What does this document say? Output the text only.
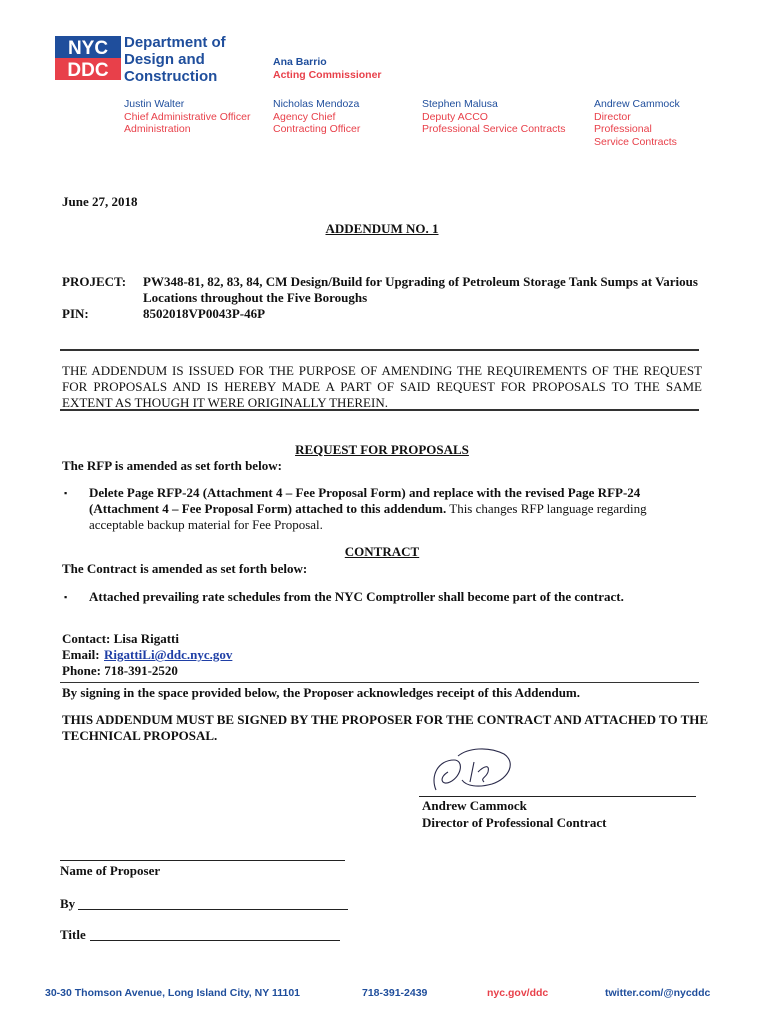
NYC
DDC
Department of
Design and
Construction
Ana Barrio
Acting Commissioner
Justin Walter
Chief Administrative Officer
Administration
Nicholas Mendoza
Agency Chief
Contracting Officer
Stephen Malusa
Deputy ACCO
Professional Service Contracts
Andrew Cammock
Director
Professional
Service Contracts
June 27, 2018
ADDENDUM NO. 1
PROJECT: PW348-81, 82, 83, 84, CM Design/Build for Upgrading of Petroleum Storage Tank Sumps at Various Locations throughout the Five Boroughs
PIN:	8502018VP0043P-46P
THE ADDENDUM IS ISSUED FOR THE PURPOSE OF AMENDING THE REQUIREMENTS OF THE REQUEST FOR PROPOSALS AND IS HEREBY MADE A PART OF SAID REQUEST FOR PROPOSALS TO THE SAME EXTENT AS THOUGH IT WERE ORIGINALLY THEREIN.
REQUEST FOR PROPOSALS
The RFP is amended as set forth below:
▪ Delete Page RFP-24 (Attachment 4 – Fee Proposal Form) and replace with the revised Page RFP-24 (Attachment 4 – Fee Proposal Form) attached to this addendum. This changes RFP language regarding acceptable backup material for Fee Proposal.
CONTRACT
The Contract is amended as set forth below:
▪ Attached prevailing rate schedules from the NYC Comptroller shall become part of the contract.
Contact: Lisa Rigatti
Email: RigattiLi@ddc.nyc.gov
Phone: 718-391-2520
By signing in the space provided below, the Proposer acknowledges receipt of this Addendum.
THIS ADDENDUM MUST BE SIGNED BY THE PROPOSER FOR THE CONTRACT AND ATTACHED TO THE TECHNICAL PROPOSAL.
Andrew Cammock
Director of Professional Contract
Name of Proposer
By
Title
30-30 Thomson Avenue, Long Island City, NY 11101	718-391-2439	nyc.gov/ddc	twitter.com/@nycddc
